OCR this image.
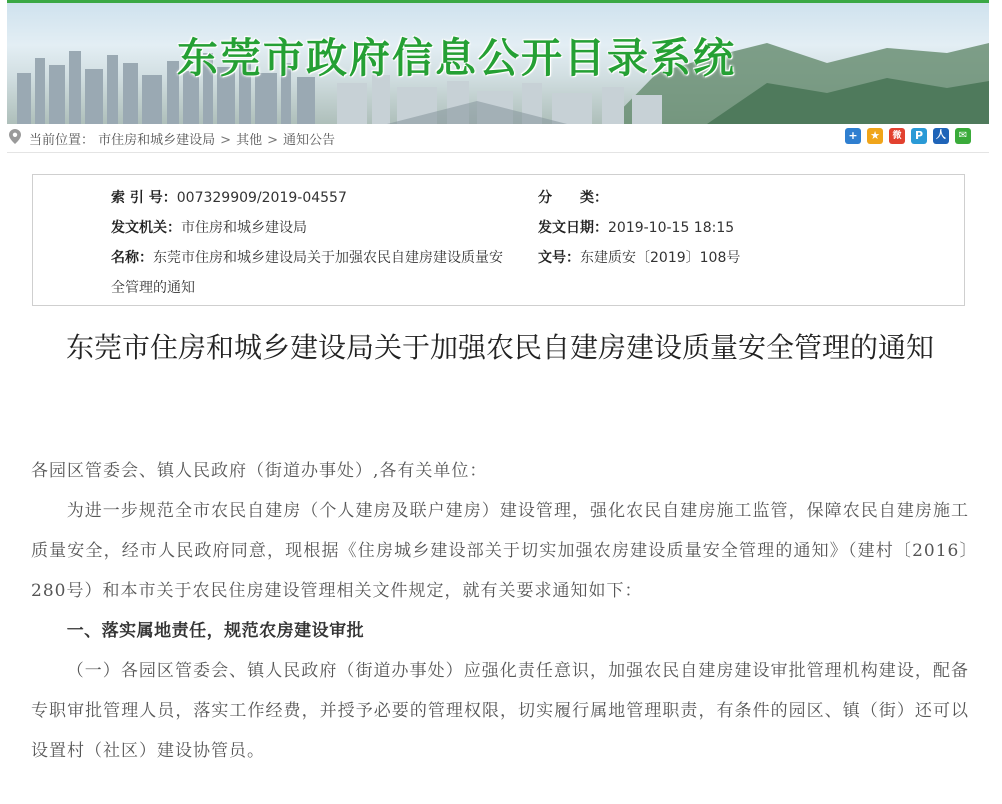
东莞市政府信息公开目录系统
当前位置： 市住房和城乡建设局 > 其他 > 通知公告	+	★	微	P	人	✉
索 引 号：007329909/2019-04557	分　　类：
发文机关：市住房和城乡建设局	发文日期：2019-10-15 18:15
名称：东莞市住房和城乡建设局关于加强农民自建房建设质量安
全管理的通知
文号：东建质安〔2019〕108号
东莞市住房和城乡建设局关于加强农民自建房建设质量安全管理的通知

各园区管委会、镇人民政府（街道办事处）,各有关单位：

为进一步规范全市农民自建房（个人建房及联户建房）建设管理，强化农民自建房施工监管，保障农民自建房施工质量安全，经市人民政府同意，现根据《住房城乡建设部关于切实加强农房建设质量安全管理的通知》（建村〔2016〕280号）和本市关于农民住房建设管理相关文件规定，就有关要求通知如下：

一、落实属地责任，规范农房建设审批

（一）各园区管委会、镇人民政府（街道办事处）应强化责任意识，加强农民自建房建设审批管理机构建设，配备专职审批管理人员，落实工作经费，并授予必要的管理权限，切实履行属地管理职责，有条件的园区、镇（街）还可以设置村（社区）建设协管员。
